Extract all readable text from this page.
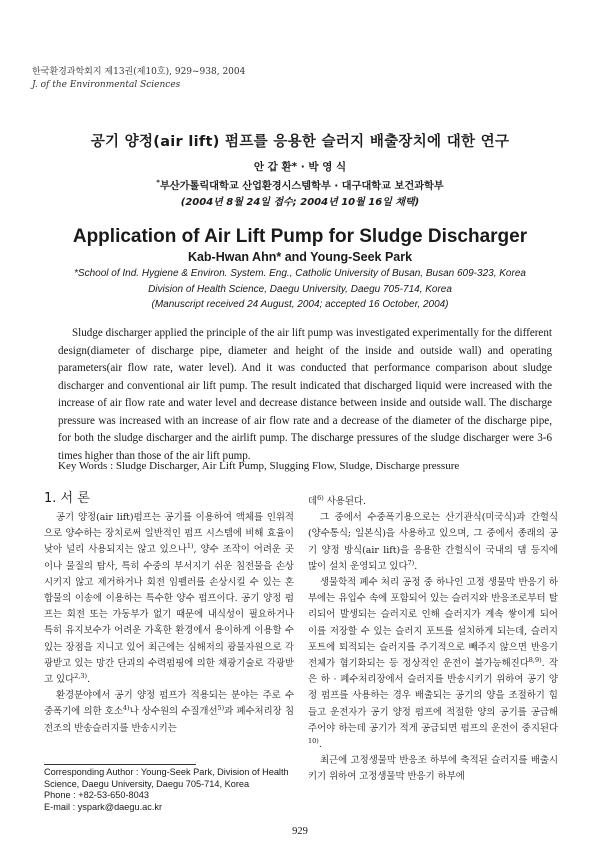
한국환경과학회지 제13권(제10호), 929~938, 2004
J. of the Environmental Sciences
공기 양정(air lift) 펌프를 응용한 슬러지 배출장치에 대한 연구
안 갑 환* · 박 영 식
*부산가톨릭대학교 산업환경시스템학부 · 대구대학교 보건과학부
(2004년 8월 24일 접수; 2004년 10월 16일 채택)
Application of Air Lift Pump for Sludge Discharger
Kab-Hwan Ahn* and Young-Seek Park
*School of Ind. Hygiene & Environ. System. Eng., Catholic University of Busan, Busan 609-323, Korea
Division of Health Science, Daegu University, Daegu 705-714, Korea
(Manuscript received 24 August, 2004; accepted 16 October, 2004)

Sludge discharger applied the principle of the air lift pump was investigated experimentally for the different design(diameter of discharge pipe, diameter and height of the inside and outside wall) and operating parameters(air flow rate, water level). And it was conducted that performance comparison about sludge discharger and conventional air lift pump. The result indicated that discharged liquid were increased with the increase of air flow rate and water level and decrease distance between inside and outside wall. The discharge pressure was increased with an increase of air flow rate and a decrease of the diameter of the discharge pipe, for both the sludge discharger and the airlift pump. The discharge pressures of the sludge discharger were 3-6 times higher than those of the air lift pump.

Key Words : Sludge Discharger, Air Lift Pump, Slugging Flow, Sludge, Discharge pressure
1. 서 론

공기 양정(air lift)펌프는 공기를 이용하여 액체를 인위적으로 양수하는 장치로써 일반적인 펌프 시스템에 비해 효율이 낮아 널리 사용되지는 않고 있으나$^{1)}$, 양수 조작이 어려운 곳이나 물질의 탐사, 특히 수중의 부서지기 쉬운 침전물을 손상시키지 않고 제거하거나 회전 임펠러를 손상시킬 수 있는 혼합물의 이송에 이용하는 특수한 양수 펌프이다. 공기 양정 펌프는 회전 또는 가동부가 없기 때문에 내식성이 필요하거나 특히 유지보수가 어려운 가혹한 환경에서 용이하게 이용할 수 있는 장점을 지니고 있어 최근에는 심해저의 광물자원으로 각광받고 있는 망간 단괴의 수력펌핑에 의한 채광기술로 각광받고 있다$^{2,3)}$.

환경분야에서 공기 양정 펌프가 적용되는 분야는 주로 수중폭기에 의한 호소$^{4)}$나 상수원의 수질개선$^{5)}$과 폐수처리장 침전조의 반송슬러지를 반송시키는

데$^{6)}$ 사용된다.

그 중에서 수중폭기용으로는 산기관식(미국식)과 간헐식(양수통식; 일본식)을 사용하고 있으며, 그 중에서 종래의 공기 양정 방식(air lift)을 응용한 간헐식이 국내의 댐 등지에 많이 설치 운영되고 있다$^{7)}$.

생물학적 폐수 처리 공정 중 하나인 고정 생물막 반응기 하부에는 유입수 속에 포함되어 있는 슬러지와 반응조로부터 탈리되어 발생되는 슬러지로 인해 슬러지가 계속 쌓이게 되어 이를 저장할 수 있는 슬러지 포트를 설치하게 되는데, 슬러지 포트에 퇴적되는 슬러지를 주기적으로 빼주지 않으면 반응기 전체가 혐기화되는 등 정상적인 운전이 불가능해진다$^{8,9)}$. 작은 하 · 폐수처리장에서 슬러지를 반송시키기 위하여 공기 양정 펌프를 사용하는 경우 배출되는 공기의 양을 조절하기 힘들고 운전자가 공기 양정 펌프에 적절한 양의 공기를 공급해주어야 하는데 공기가 적게 공급되면 펌프의 운전이 중지된다$^{10)}$.

최근에 고정생물막 반응조 하부에 축적된 슬러지를 배출시키기 위하여 고정생물막 반응기 하부에

Corresponding Author : Young-Seek Park, Division of Health
Science, Daegu University, Daegu 705-714, Korea
Phone : +82-53-650-8043
E-mail : yspark@daegu.ac.kr
929
